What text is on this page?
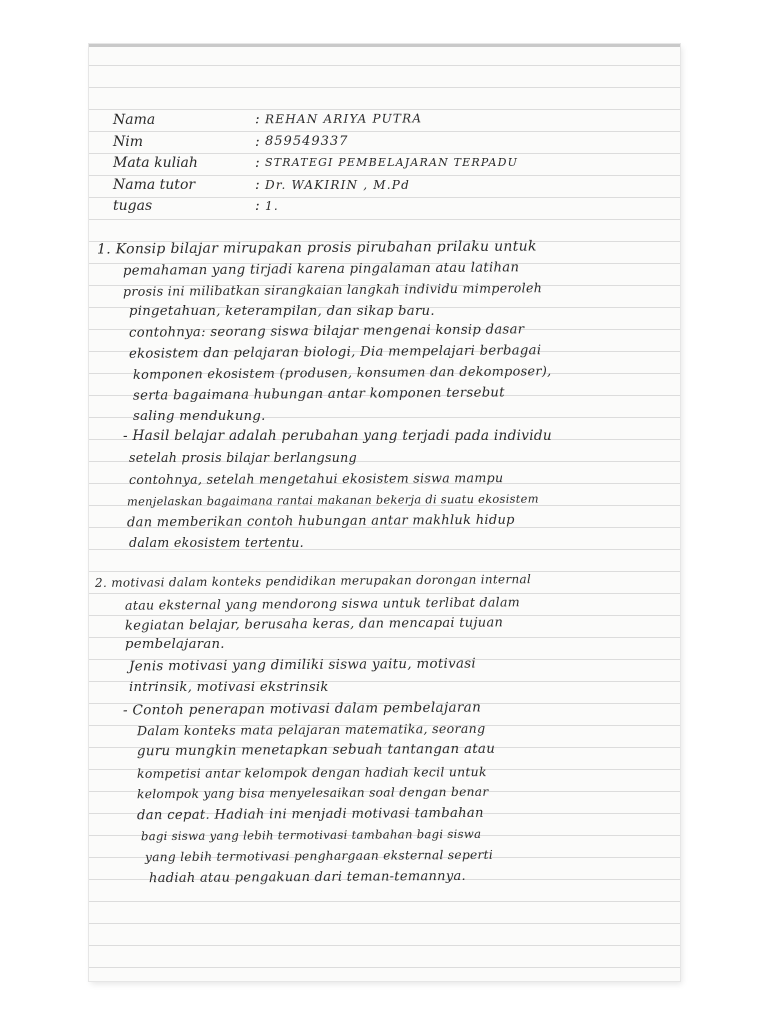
Nama	: REHAN ARIYA PUTRA
Nim	: 859549337
Mata kuliah	: STRATEGI PEMBELAJARAN TERPADU
Nama tutor	: Dr. WAKIRIN , M.Pd
tugas	: 1.
1. Konsip bilajar mirupakan prosis pirubahan prilaku untuk
pemahaman yang tirjadi karena pingalaman atau latihan
prosis ini milibatkan sirangkaian langkah individu mimperoleh
pingetahuan, keterampilan, dan sikap baru.
contohnya: seorang siswa bilajar mengenai konsip dasar
ekosistem dan pelajaran biologi, Dia mempelajari berbagai
komponen ekosistem (produsen, konsumen dan dekomposer),
serta bagaimana hubungan antar komponen tersebut
saling mendukung.
- Hasil belajar adalah perubahan yang terjadi pada individu
setelah prosis bilajar berlangsung
contohnya, setelah mengetahui ekosistem siswa mampu
menjelaskan bagaimana rantai makanan bekerja di suatu ekosistem
dan memberikan contoh hubungan antar makhluk hidup
dalam ekosistem tertentu.
2. motivasi dalam konteks pendidikan merupakan dorongan internal
atau eksternal yang mendorong siswa untuk terlibat dalam
kegiatan belajar, berusaha keras, dan mencapai tujuan
pembelajaran.
Jenis motivasi yang dimiliki siswa yaitu, motivasi
intrinsik, motivasi ekstrinsik
- Contoh penerapan motivasi dalam pembelajaran
Dalam konteks mata pelajaran matematika, seorang
guru mungkin menetapkan sebuah tantangan atau
kompetisi antar kelompok dengan hadiah kecil untuk
kelompok yang bisa menyelesaikan soal dengan benar
dan cepat. Hadiah ini menjadi motivasi tambahan
bagi siswa yang lebih termotivasi tambahan bagi siswa
yang lebih termotivasi penghargaan eksternal seperti
hadiah atau pengakuan dari teman-temannya.
